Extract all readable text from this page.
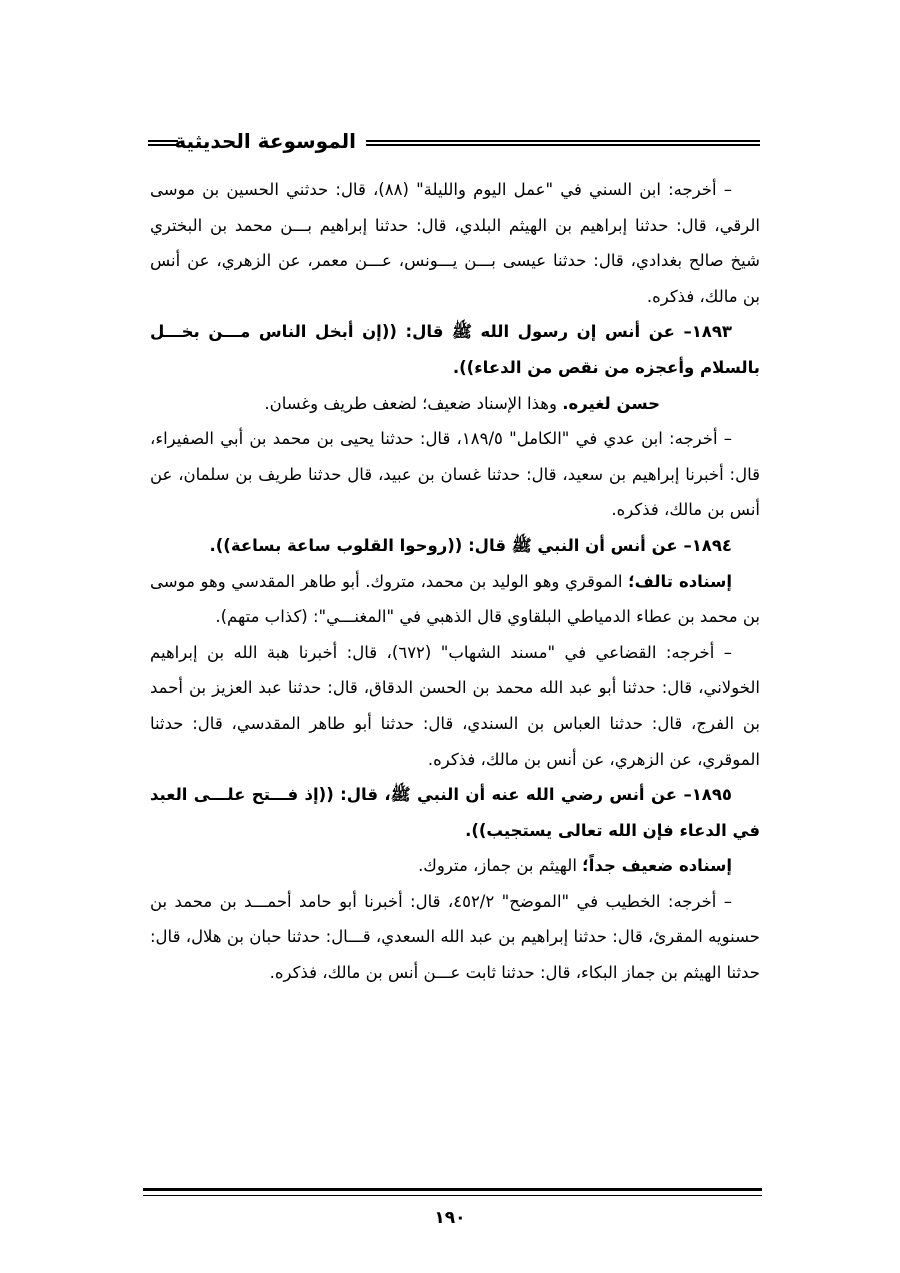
الموسوعة الحديثية

– أخرجه: ابن السني في "عمل اليوم والليلة" (٨٨)، قال: حدثني الحسين بن موسى الرقي، قال: حدثنا إبراهيم بن الهيثم البلدي، قال: حدثنا إبراهيم بـــن محمد بن البختري شيخ صالح بغدادي، قال: حدثنا عيسى بـــن يـــونس، عـــن معمر، عن الزهري، عن أنس بن مالك، فذكره.

١٨٩٣– عن أنس إن رسول الله ﷺ قال: ((إن أبخل الناس مـــن بخـــل بالسلام وأعجزه من نقص من الدعاء)).

حسن لغيره. وهذا الإسناد ضعيف؛ لضعف طريف وغسان.

– أخرجه: ابن عدي في "الكامل" ١٨٩/٥، قال: حدثنا يحيى بن محمد بن أبي الصفيراء، قال: أخبرنا إبراهيم بن سعيد، قال: حدثنا غسان بن عبيد، قال حدثنا طريف بن سلمان، عن أنس بن مالك، فذكره.

١٨٩٤– عن أنس أن النبي ﷺ قال: ((روحوا القلوب ساعة بساعة)).

إسناده تالف؛ الموقري وهو الوليد بن محمد، متروك. أبو طاهر المقدسي وهو موسى بن محمد بن عطاء الدمياطي البلقاوي قال الذهبي في "المغنـــي": (كذاب متهم).

– أخرجه: القضاعي في "مسند الشهاب" (٦٧٢)، قال: أخبرنا هبة الله بن إبراهيم الخولاني، قال: حدثنا أبو عبد الله محمد بن الحسن الدقاق، قال: حدثنا عبد العزيز بن أحمد بن الفرج، قال: حدثنا العباس بن السندي، قال: حدثنا أبو طاهر المقدسي، قال: حدثنا الموقري، عن الزهري، عن أنس بن مالك، فذكره.

١٨٩٥– عن أنس رضي الله عنه أن النبي ﷺ، قال: ((إذ فـــتح علـــى العبد في الدعاء فإن الله تعالى يستجيب)).

إسناده ضعيف جداً؛ الهيثم بن جماز، متروك.

– أخرجه: الخطيب في "الموضح" ٤٥٢/٢، قال: أخبرنا أبو حامد أحمـــد بن محمد بن حسنويه المقرئ، قال: حدثنا إبراهيم بن عبد الله السعدي، قـــال: حدثنا حبان بن هلال، قال: حدثنا الهيثم بن جماز البكاء، قال: حدثنا ثابت عـــن أنس بن مالك، فذكره.

١٩٠
